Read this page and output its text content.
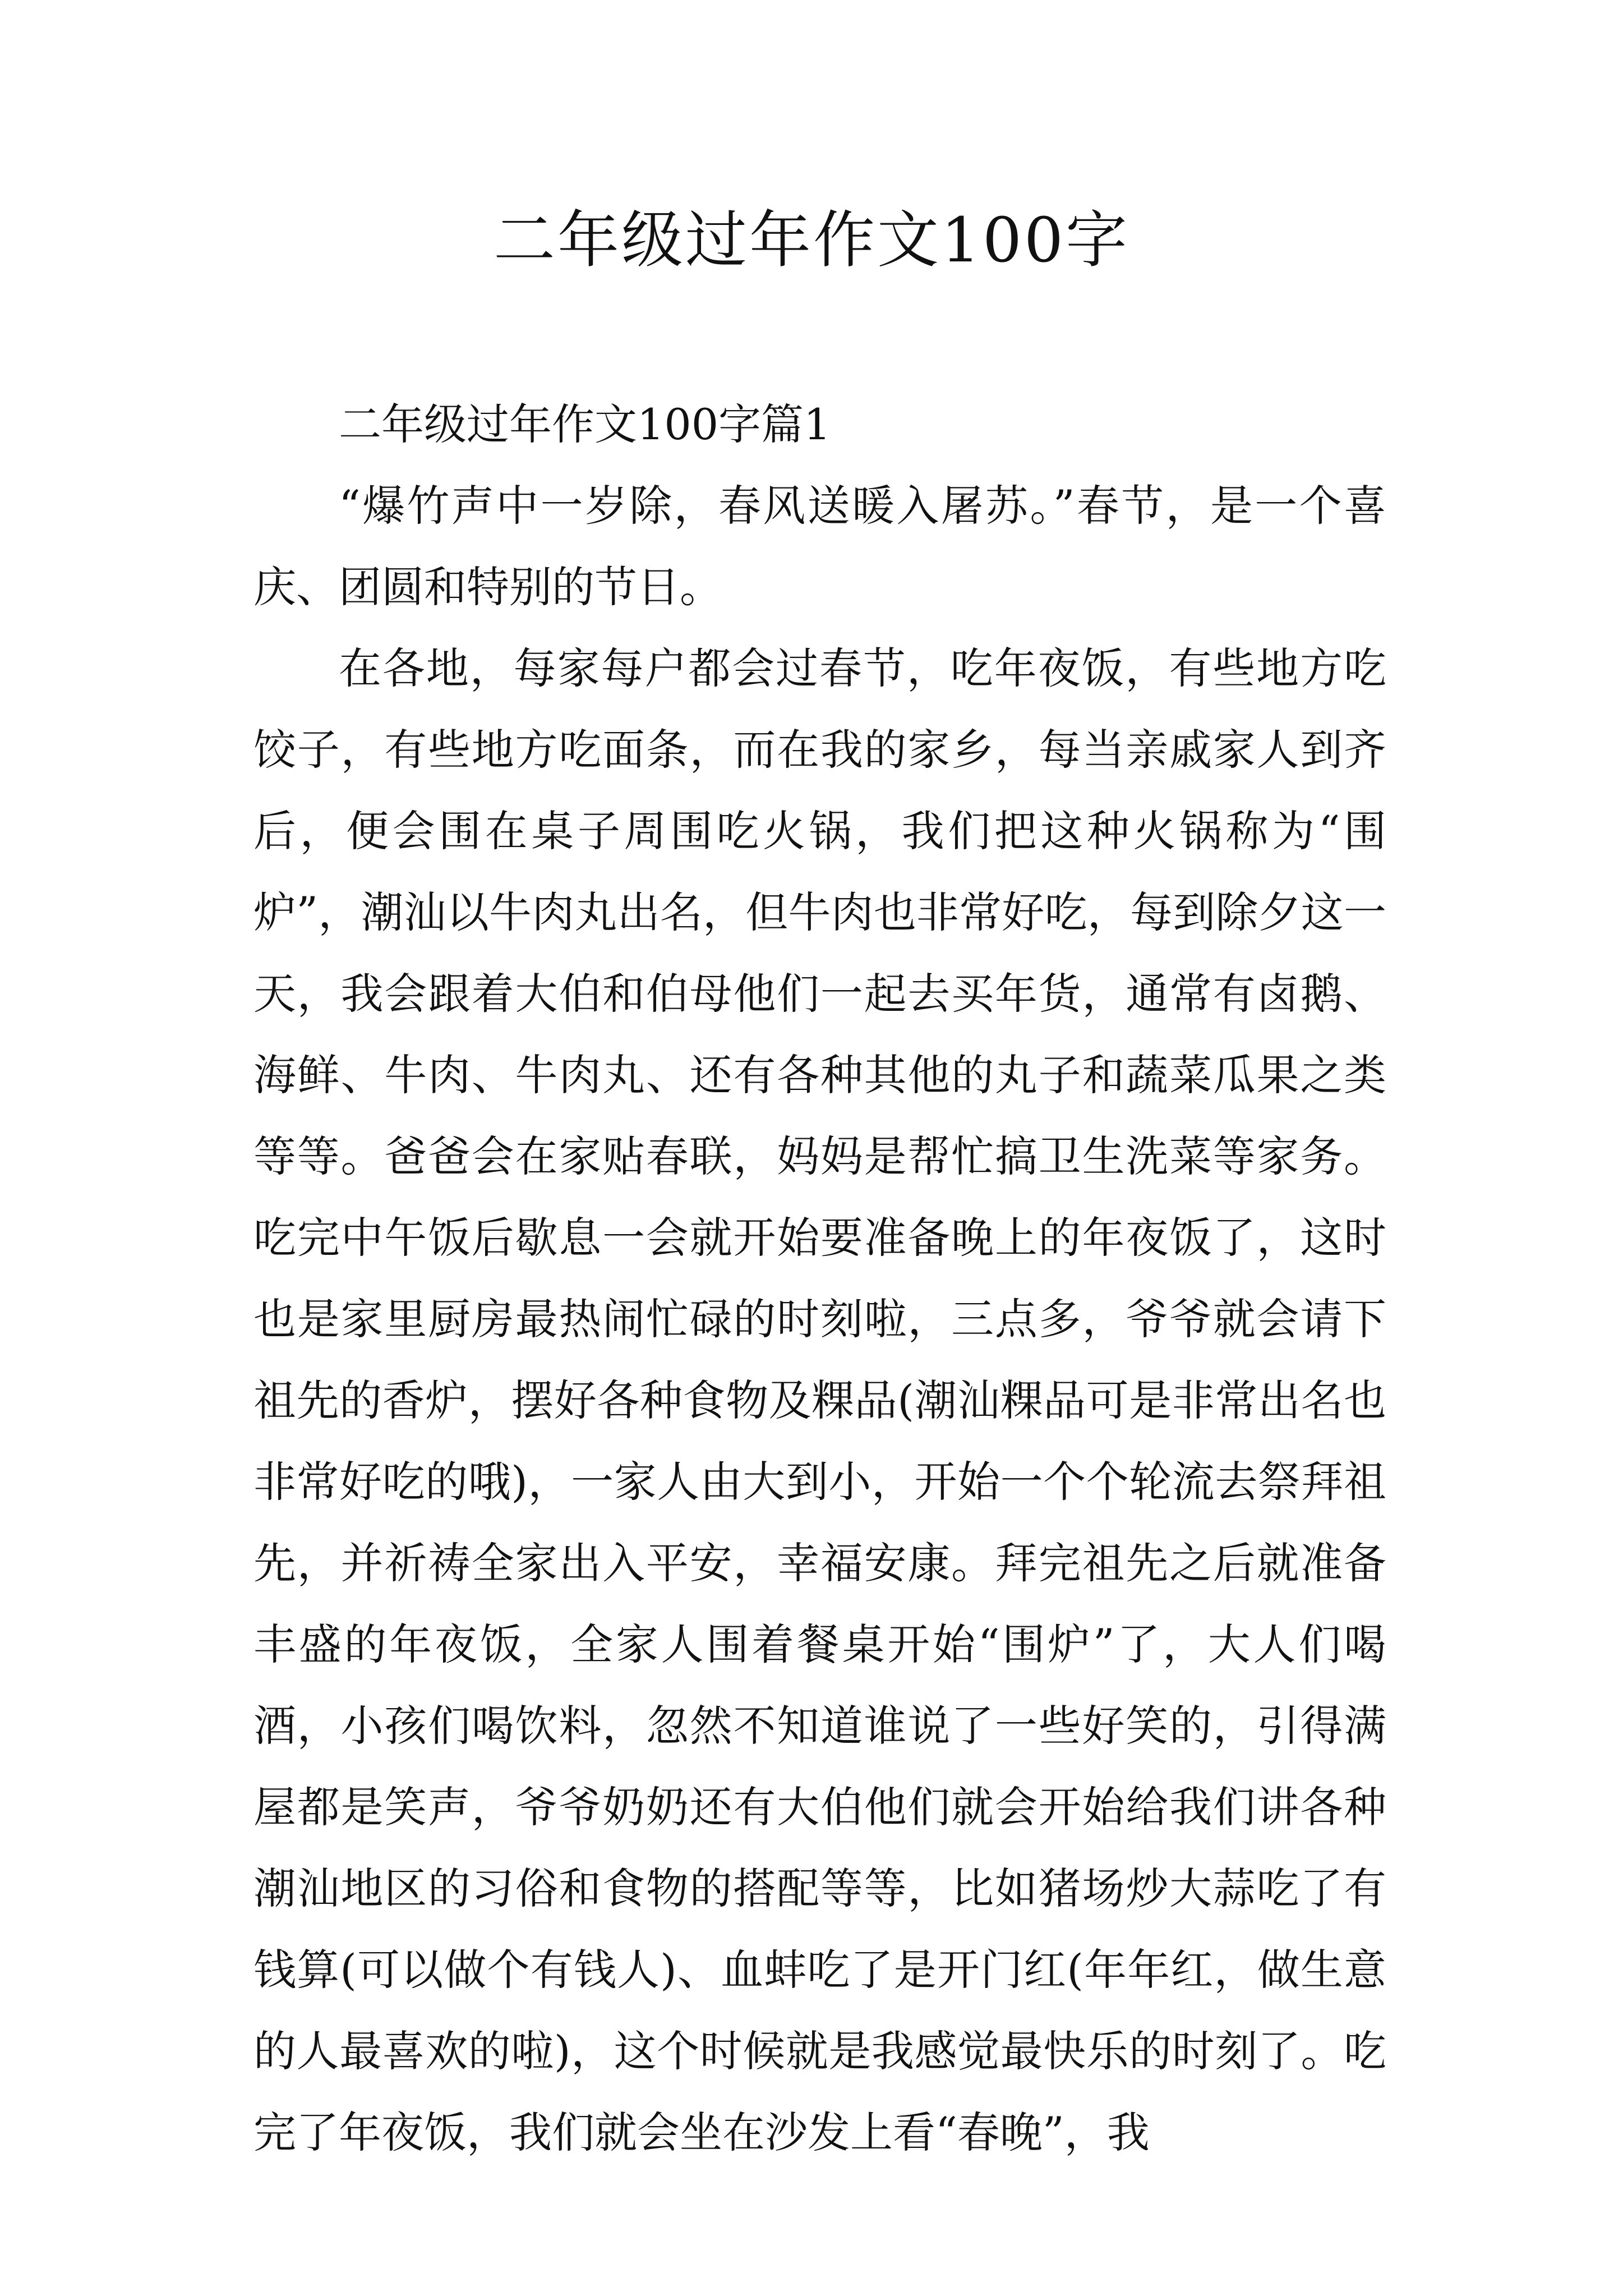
二年级过年作文100字

二年级过年作文100字篇1

“爆竹声中一岁除，春风送暖入屠苏。”春节，是一个喜庆、团圆和特别的节日。

在各地，每家每户都会过春节，吃年夜饭，有些地方吃饺子，有些地方吃面条，而在我的家乡，每当亲戚家人到齐后，便会围在桌子周围吃火锅，我们把这种火锅称为“围炉”，潮汕以牛肉丸出名，但牛肉也非常好吃，每到除夕这一天，我会跟着大伯和伯母他们一起去买年货，通常有卤鹅、海鲜、牛肉、牛肉丸、还有各种其他的丸子和蔬菜瓜果之类等等。爸爸会在家贴春联，妈妈是帮忙搞卫生洗菜等家务。吃完中午饭后歇息一会就开始要准备晚上的年夜饭了，这时也是家里厨房最热闹忙碌的时刻啦，三点多，爷爷就会请下祖先的香炉，摆好各种食物及粿品(潮汕粿品可是非常出名也非常好吃的哦)，一家人由大到小，开始一个个轮流去祭拜祖先，并祈祷全家出入平安，幸福安康。拜完祖先之后就准备丰盛的年夜饭，全家人围着餐桌开始“围炉”了，大人们喝酒，小孩们喝饮料，忽然不知道谁说了一些好笑的，引得满屋都是笑声，爷爷奶奶还有大伯他们就会开始给我们讲各种潮汕地区的习俗和食物的搭配等等，比如猪场炒大蒜吃了有钱算(可以做个有钱人)、血蚌吃了是开门红(年年红，做生意的人最喜欢的啦)，这个时候就是我感觉最快乐的时刻了。吃完了年夜饭，我们就会坐在沙发上看“春晚”，我
